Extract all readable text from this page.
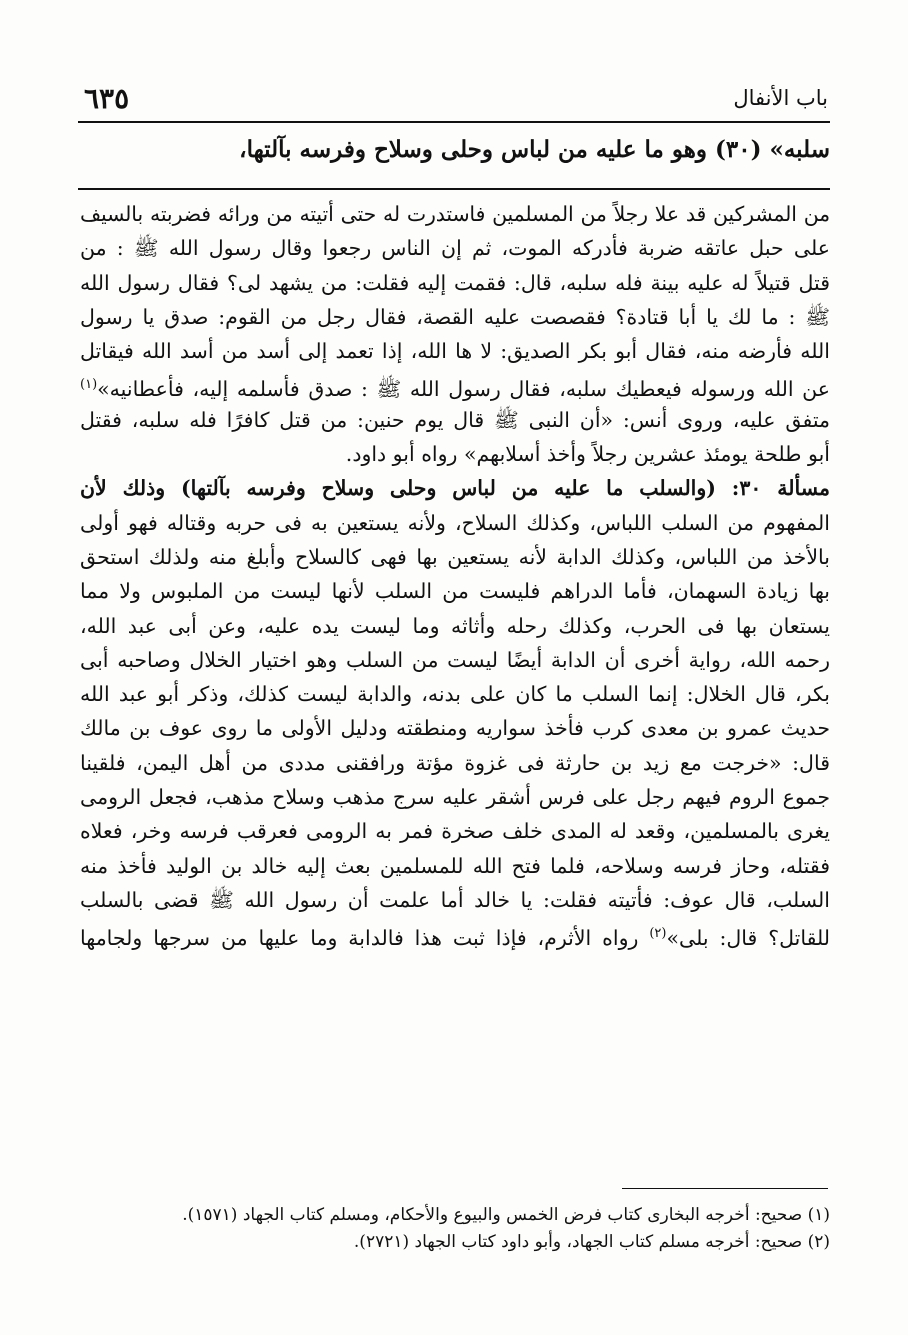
باب الأنفال
٦٣٥
سلبه» (٣٠) وهو ما عليه من لباس وحلى وسلاح وفرسه بآلتها،
من المشركين قد علا رجلاً من المسلمين فاستدرت له حتى أتيته من ورائه فضربته بالسيف
على حبل عاتقه ضربة فأدركه الموت، ثم إن الناس رجعوا وقال رسول الله ﷺ : من
قتل قتيلاً له عليه بينة فله سلبه، قال: فقمت إليه فقلت: من يشهد لى؟ فقال رسول الله
ﷺ : ما لك يا أبا قتادة؟ فقصصت عليه القصة، فقال رجل من القوم: صدق يا رسول
الله فأرضه منه، فقال أبو بكر الصديق: لا ها الله، إذا تعمد إلى أسد من أسد الله فيقاتل
عن الله ورسوله فيعطيك سلبه، فقال رسول الله ﷺ : صدق فأسلمه إليه، فأعطانيه»$^{(١)}$
متفق عليه، وروى أنس: «أن النبى ﷺ قال يوم حنين: من قتل كافرًا فله سلبه، فقتل
أبو طلحة يومئذ عشرين رجلاً وأخذ أسلابهم» رواه أبو داود.
مسألة ٣٠: (والسلب ما عليه من لباس وحلى وسلاح وفرسه بآلتها) وذلك لأن
المفهوم من السلب اللباس، وكذلك السلاح، ولأنه يستعين به فى حربه وقتاله فهو أولى
بالأخذ من اللباس، وكذلك الدابة لأنه يستعين بها فهى كالسلاح وأبلغ منه ولذلك استحق
بها زيادة السهمان، فأما الدراهم فليست من السلب لأنها ليست من الملبوس ولا مما
يستعان بها فى الحرب، وكذلك رحله وأثاثه وما ليست يده عليه، وعن أبى عبد الله،
رحمه الله، رواية أخرى أن الدابة أيضًا ليست من السلب وهو اختيار الخلال وصاحبه أبى
بكر، قال الخلال: إنما السلب ما كان على بدنه، والدابة ليست كذلك، وذكر أبو عبد الله
حديث عمرو بن معدى كرب فأخذ سواريه ومنطقته ودليل الأولى ما روى عوف بن مالك
قال: «خرجت مع زيد بن حارثة فى غزوة مؤتة ورافقنى مددى من أهل اليمن، فلقينا
جموع الروم فيهم رجل على فرس أشقر عليه سرج مذهب وسلاح مذهب، فجعل الرومى
يغرى بالمسلمين، وقعد له المدى خلف صخرة فمر به الرومى فعرقب فرسه وخر، فعلاه
فقتله، وحاز فرسه وسلاحه، فلما فتح الله للمسلمين بعث إليه خالد بن الوليد فأخذ منه
السلب، قال عوف: فأتيته فقلت: يا خالد أما علمت أن رسول الله ﷺ قضى بالسلب
للقاتل؟ قال: بلى»$^{(٢)}$ رواه الأثرم، فإذا ثبت هذا فالدابة وما عليها من سرجها ولجامها
(١) صحيح: أخرجه البخارى كتاب فرض الخمس والبيوع والأحكام، ومسلم كتاب الجهاد (١٥٧١).
(٢) صحيح: أخرجه مسلم كتاب الجهاد، وأبو داود كتاب الجهاد (٢٧٢١).
